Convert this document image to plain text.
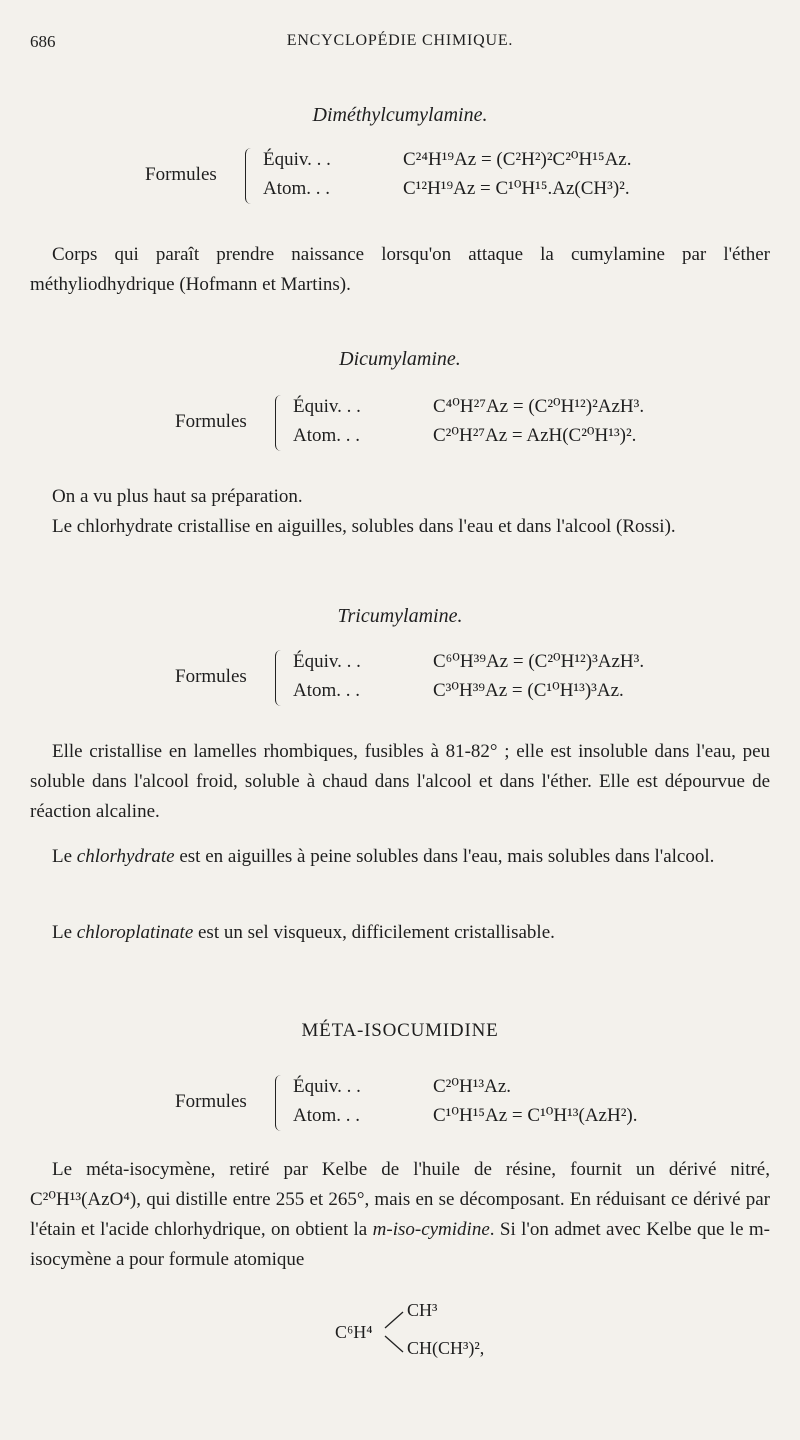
686	ENCYCLOPÉDIE CHIMIQUE.
Diméthylcumylamine.
Formules
Équiv. . .	C²⁴H¹⁹Az = (C²H²)²C²⁰H¹⁵Az.
Atom. . .	C¹²H¹⁹Az = C¹⁰H¹⁵.Az(CH³)².

Corps qui paraît prendre naissance lorsqu'on attaque la cumylamine par l'éther méthyliodhydrique (Hofmann et Martins).

Dicumylamine.
Formules
Équiv. . .	C⁴⁰H²⁷Az = (C²⁰H¹²)²AzH³.
Atom. . .	C²⁰H²⁷Az = AzH(C²⁰H¹³)².

On a vu plus haut sa préparation.

Le chlorhydrate cristallise en aiguilles, solubles dans l'eau et dans l'alcool (Rossi).

Tricumylamine.
Formules
Équiv. . .	C⁶⁰H³⁹Az = (C²⁰H¹²)³AzH³.
Atom. . .	C³⁰H³⁹Az = (C¹⁰H¹³)³Az.

Elle cristallise en lamelles rhombiques, fusibles à 81-82° ; elle est insoluble dans l'eau, peu soluble dans l'alcool froid, soluble à chaud dans l'alcool et dans l'éther. Elle est dépourvue de réaction alcaline.

Le chlorhydrate est en aiguilles à peine solubles dans l'eau, mais solubles dans l'alcool.

Le chloroplatinate est un sel visqueux, difficilement cristallisable.

MÉTA-ISOCUMIDINE
Formules
Équiv. . .	C²⁰H¹³Az.
Atom. . .	C¹⁰H¹⁵Az = C¹⁰H¹³(AzH²).

Le méta-isocymène, retiré par Kelbe de l'huile de résine, fournit un dérivé nitré, C²⁰H¹³(AzO⁴), qui distille entre 255 et 265°, mais en se décomposant. En réduisant ce dérivé par l'étain et l'acide chlorhydrique, on obtient la m-iso-cymidine. Si l'on admet avec Kelbe que le m-isocymène a pour formule atomique

C⁶H⁴
CH³
CH(CH³)²,
